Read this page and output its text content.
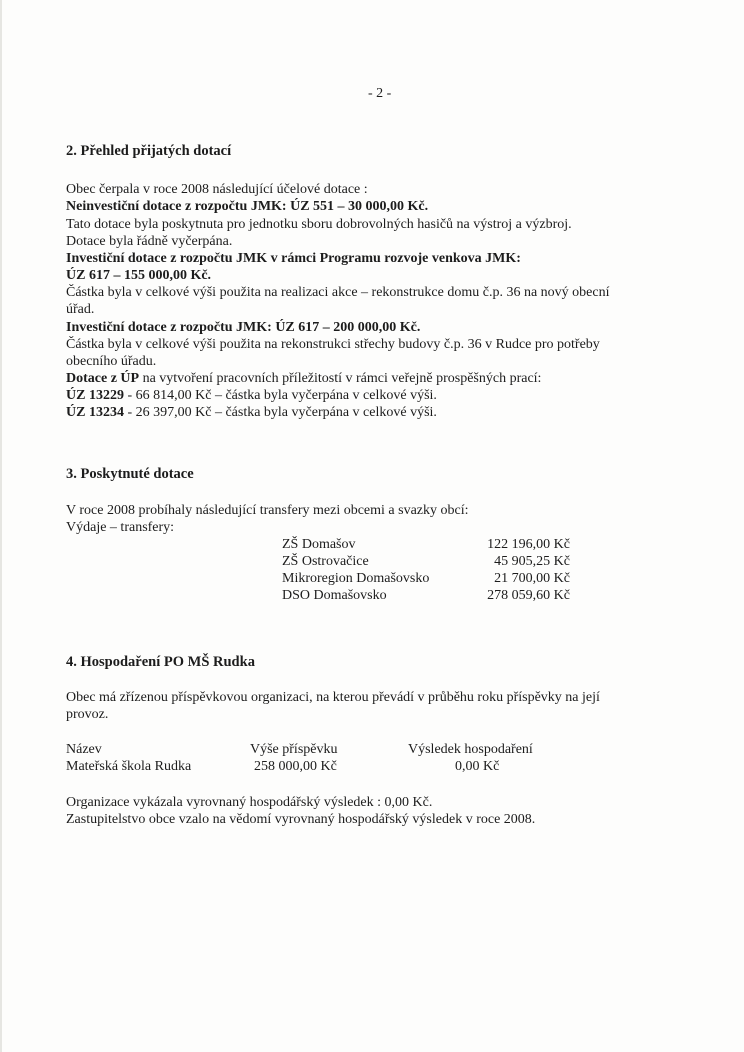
- 2 -
2. Přehled přijatých dotací
Obec čerpala v roce 2008 následující účelové dotace :
Neinvestiční dotace z rozpočtu JMK: ÚZ 551 – 30 000,00 Kč.
Tato dotace byla poskytnuta pro jednotku sboru dobrovolných hasičů na výstroj a výzbroj.
Dotace byla řádně vyčerpána.
Investiční dotace z rozpočtu JMK v rámci Programu rozvoje venkova JMK:
ÚZ 617 – 155 000,00 Kč.
Částka byla v celkové výši použita na realizaci akce – rekonstrukce domu č.p. 36 na nový obecní
úřad.
Investiční dotace z rozpočtu JMK: ÚZ 617 – 200 000,00 Kč.
Částka byla v celkové výši použita na rekonstrukci střechy budovy č.p. 36 v Rudce pro potřeby
obecního úřadu.
Dotace z ÚP na vytvoření pracovních příležitostí v rámci veřejně prospěšných prací:
ÚZ 13229 - 66 814,00 Kč – částka byla vyčerpána v celkové výši.
ÚZ 13234 - 26 397,00 Kč – částka byla vyčerpána v celkové výši.
3. Poskytnuté dotace
V roce 2008 probíhaly následující transfery mezi obcemi a svazky obcí:
Výdaje – transfery:
ZŠ Domašov	122 196,00 Kč
ZŠ Ostrovačice	45 905,25 Kč
Mikroregion Domašovsko	21 700,00 Kč
DSO Domašovsko	278 059,60 Kč
4. Hospodaření PO MŠ Rudka
Obec má zřízenou příspěvkovou organizaci, na kterou převádí v průběhu roku příspěvky na její
provoz.
Název	Výše příspěvku	Výsledek hospodaření
Mateřská škola Rudka	258 000,00 Kč	0,00 Kč
Organizace vykázala vyrovnaný hospodářský výsledek : 0,00 Kč.
Zastupitelstvo obce vzalo na vědomí vyrovnaný hospodářský výsledek v roce 2008.
